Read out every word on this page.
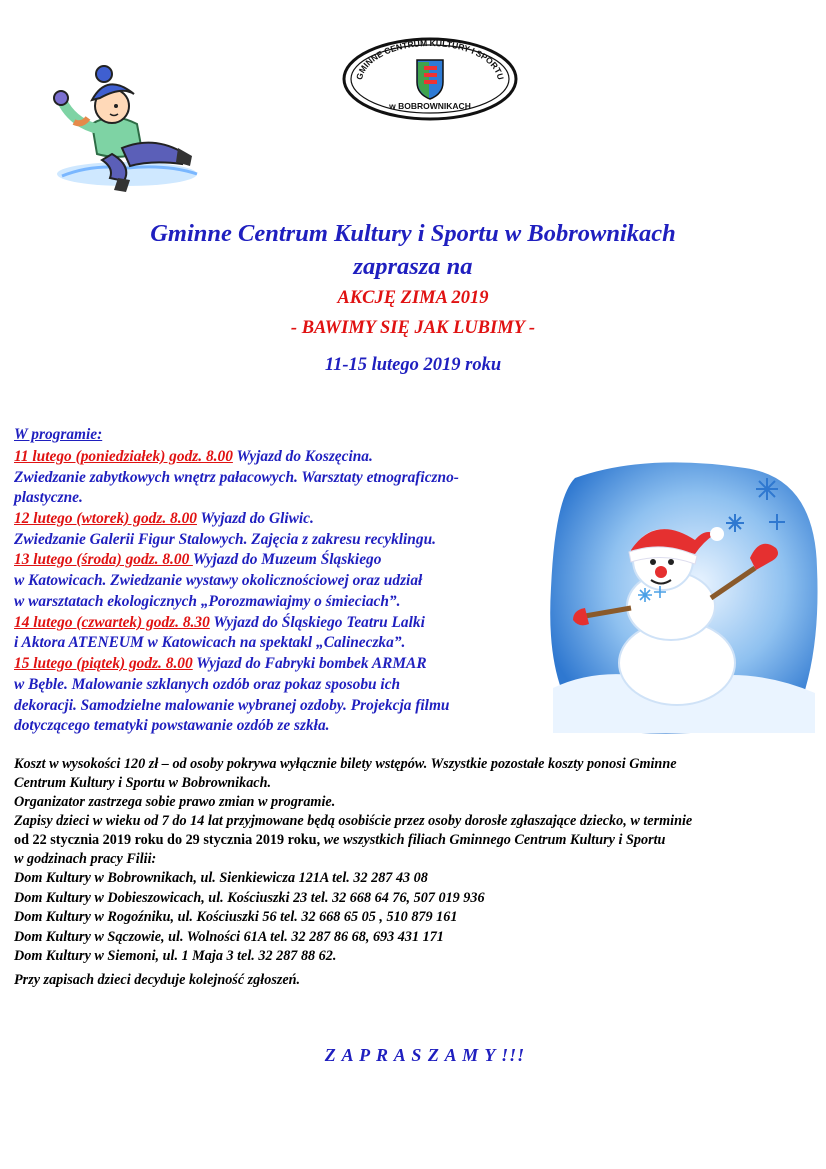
GMINNE CENTRUM KULTURY I SPORTU
w BOBROWNIKACH
Gminne Centrum Kultury i Sportu w Bobrownikach
zaprasza na
AKCJĘ ZIMA 2019
- BAWIMY SIĘ JAK LUBIMY -
11-15 lutego 2019 roku
W programie:
11 lutego (poniedziałek) godz. 8.00 Wyjazd do Koszęcina.
Zwiedzanie zabytkowych wnętrz pałacowych. Warsztaty etnograficzno-
plastyczne.
12 lutego (wtorek) godz. 8.00 Wyjazd do Gliwic.
Zwiedzanie Galerii Figur Stalowych. Zajęcia z zakresu recyklingu.
13 lutego (środa) godz. 8.00 Wyjazd do Muzeum Śląskiego
w Katowicach. Zwiedzanie wystawy okolicznościowej oraz udział
w warsztatach ekologicznych „Porozmawiajmy o śmieciach”.
14 lutego (czwartek) godz. 8.30 Wyjazd do Śląskiego Teatru Lalki
i Aktora ATENEUM w Katowicach na spektakl „Calineczka”.
15 lutego (piątek) godz. 8.00 Wyjazd do Fabryki bombek ARMAR
w Bęble. Malowanie szklanych ozdób oraz pokaz sposobu ich
dekoracji. Samodzielne malowanie wybranej ozdoby. Projekcja filmu
dotyczącego tematyki powstawanie ozdób ze szkła.
Koszt w wysokości 120 zł – od osoby pokrywa wyłącznie bilety wstępów. Wszystkie pozostałe koszty ponosi Gminne
Centrum Kultury i Sportu w Bobrownikach.
Organizator zastrzega sobie prawo zmian w programie.
Zapisy dzieci w wieku od 7 do 14 lat przyjmowane będą osobiście przez osoby dorosłe zgłaszające dziecko, w terminie
od 22 stycznia 2019 roku do 29 stycznia 2019 roku, we wszystkich filiach Gminnego Centrum Kultury i Sportu
w godzinach pracy Filii:
Dom Kultury w Bobrownikach, ul. Sienkiewicza 121A tel. 32 287 43 08
Dom Kultury w Dobieszowicach, ul. Kościuszki 23 tel. 32 668 64 76, 507 019 936
Dom Kultury w Rogoźniku, ul. Kościuszki 56 tel. 32 668 65 05 , 510 879 161
Dom Kultury w Sączowie, ul. Wolności 61A tel. 32 287 86 68, 693 431 171
Dom Kultury w Siemoni, ul. 1 Maja 3 tel. 32 287 88 62.
Przy zapisach dzieci decyduje kolejność zgłoszeń.
Z A P R A S Z A M Y !!!
